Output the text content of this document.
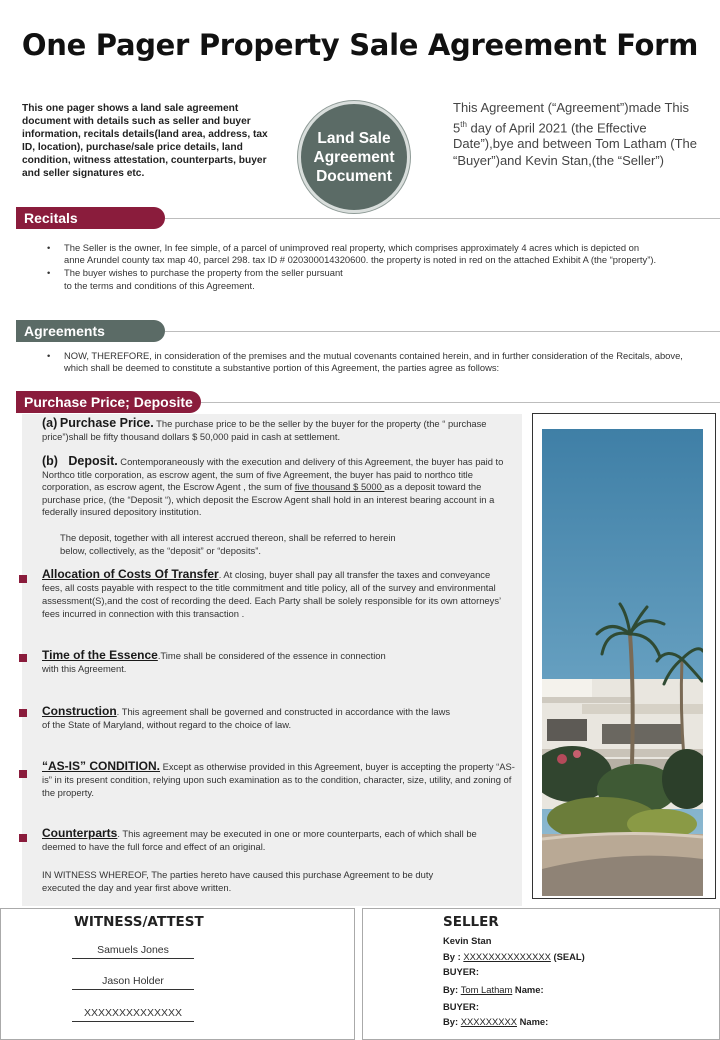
One Pager Property Sale Agreement Form
This one pager shows a land sale agreement document with details such as seller and buyer information, recitals details(land area, address, tax ID, location), purchase/sale price details, land condition, witness attestation, counterparts, buyer and seller signatures etc.
Land Sale Agreement Document
This Agreement (“Agreement”)made This 5th day of April 2021 (the Effective Date”),bye and between Tom Latham (The “Buyer”)and Kevin Stan,(the “Seller”)
Recitals
• The Seller is the owner, In fee simple, of a parcel of unimproved real property, which comprises approximately 4 acres which is depicted on anne Arundel county tax map 40, parcel 298. tax ID # 020300014320600. the property is noted in red on the attached Exhibit A (the “property”).
• The buyer wishes to purchase the property from the seller pursuant to the terms and conditions of this Agreement.
Agreements
• NOW, THEREFORE, in consideration of the premises and the mutual covenants contained herein, and in further consideration of the Recitals, above, which shall be deemed to constitute a substantive portion of this Agreement, the parties agree as follows:
Purchase Price; Deposite
(a) Purchase Price. The purchase price to be the seller by the buyer for the property (the “ purchase price”)shall be fifty thousand dollars $ 50,000 paid in cash at settlement.
(b) Deposit. Contemporaneously with the execution and delivery of this Agreement, the buyer has paid to Northco title corporation, as escrow agent, the sum of five Agreement, the buyer has paid to northco title corporation, as escrow agent, the Escrow Agent , the sum of five thousand $ 5000 as a deposit toward the purchase price, (the “Deposit “), which deposit the Escrow Agent shall hold in an interest bearing account in a federally insured depository institution.
The deposit, together with all interest accrued thereon, shall be referred to herein below, collectively, as the “deposit” or “deposits”.
Allocation of Costs Of Transfer. At closing, buyer shall pay all transfer the taxes and conveyance fees, all costs payable with respect to the title commitment and title policy, all of the survey and environmental assessment(S),and the cost of recording the deed. Each Party shall be solely responsible for its own attorneys’ fees incurred in connection with this transaction .
Time of the Essence.Time shall be considered of the essence in connection with this Agreement.
Construction. This agreement shall be governed and constructed in accordance with the laws of the State of Maryland, without regard to the choice of law.
“AS-IS” CONDITION. Except as otherwise provided in this Agreement, buyer is accepting the property “AS-is” in its present condition, relying upon such examination as to the condition, character, size, utility, and zoning of the property.
Counterparts. This agreement may be executed in one or more counterparts, each of which shall be deemed to have the full force and effect of an original.
IN WITNESS WHEREOF, The parties hereto have caused this purchase Agreement to be duty executed the day and year first above written.
WITNESS/ATTEST
Samuels Jones
Jason Holder
XXXXXXXXXXXXXX
SELLER
Kevin Stan
By : XXXXXXXXXXXXXX (SEAL)
BUYER:
By: Tom Latham Name:
BUYER:
By: XXXXXXXXX Name:
